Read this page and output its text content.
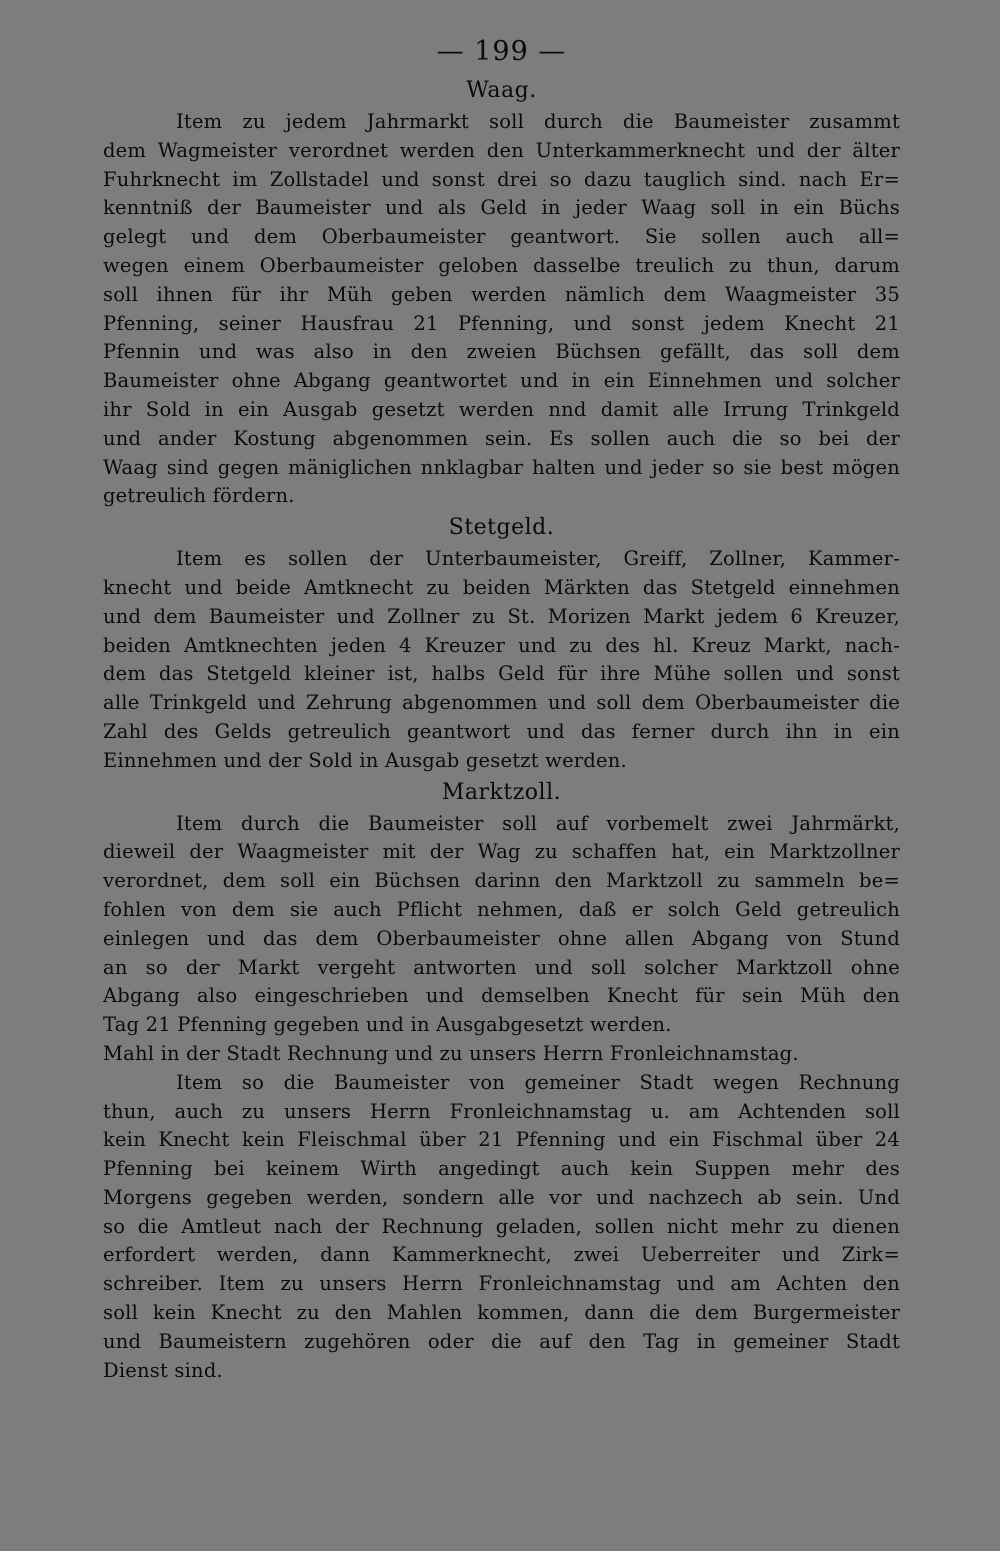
— 199 —
Waag.
Item zu jedem Jahrmarkt soll durch die Baumeister zusammt
dem Wagmeister verordnet werden den Unterkammerknecht und der älter
Fuhrknecht im Zollstadel und sonst drei so dazu tauglich sind. nach Er=
kenntniß der Baumeister und als Geld in jeder Waag soll in ein Büchs
gelegt und dem Oberbaumeister geantwort. Sie sollen auch all=
wegen einem Oberbaumeister geloben dasselbe treulich zu thun, darum
soll ihnen für ihr Müh geben werden nämlich dem Waagmeister 35
Pfenning, seiner Hausfrau 21 Pfenning, und sonst jedem Knecht 21
Pfennin und was also in den zweien Büchsen gefällt, das soll dem
Baumeister ohne Abgang geantwortet und in ein Einnehmen und solcher
ihr Sold in ein Ausgab gesetzt werden nnd damit alle Irrung Trinkgeld
und ander Kostung abgenommen sein. Es sollen auch die so bei der
Waag sind gegen mäniglichen nnklagbar halten und jeder so sie best mögen
getreulich fördern.
Stetgeld.
Item es sollen der Unterbaumeister, Greiff, Zollner, Kammer-
knecht und beide Amtknecht zu beiden Märkten das Stetgeld einnehmen
und dem Baumeister und Zollner zu St. Morizen Markt jedem 6 Kreuzer,
beiden Amtknechten jeden 4 Kreuzer und zu des hl. Kreuz Markt, nach-
dem das Stetgeld kleiner ist, halbs Geld für ihre Mühe sollen und sonst
alle Trinkgeld und Zehrung abgenommen und soll dem Oberbaumeister die
Zahl des Gelds getreulich geantwort und das ferner durch ihn in ein
Einnehmen und der Sold in Ausgab gesetzt werden.
Marktzoll.
Item durch die Baumeister soll auf vorbemelt zwei Jahrmärkt,
dieweil der Waagmeister mit der Wag zu schaffen hat, ein Marktzollner
verordnet, dem soll ein Büchsen darinn den Marktzoll zu sammeln be=
fohlen von dem sie auch Pflicht nehmen, daß er solch Geld getreulich
einlegen und das dem Oberbaumeister ohne allen Abgang von Stund
an so der Markt vergeht antworten und soll solcher Marktzoll ohne
Abgang also eingeschrieben und demselben Knecht für sein Müh den
Tag 21 Pfenning gegeben und in Ausgabgesetzt werden.
Mahl in der Stadt Rechnung und zu unsers Herrn Fronleichnamstag.
Item so die Baumeister von gemeiner Stadt wegen Rechnung
thun, auch zu unsers Herrn Fronleichnamstag u. am Achtenden soll
kein Knecht kein Fleischmal über 21 Pfenning und ein Fischmal über 24
Pfenning bei keinem Wirth angedingt auch kein Suppen mehr des
Morgens gegeben werden, sondern alle vor und nachzech ab sein. Und
so die Amtleut nach der Rechnung geladen, sollen nicht mehr zu dienen
erfordert werden, dann Kammerknecht, zwei Ueberreiter und Zirk=
schreiber. Item zu unsers Herrn Fronleichnamstag und am Achten den
soll kein Knecht zu den Mahlen kommen, dann die dem Burgermeister
und Baumeistern zugehören oder die auf den Tag in gemeiner Stadt
Dienst sind.
